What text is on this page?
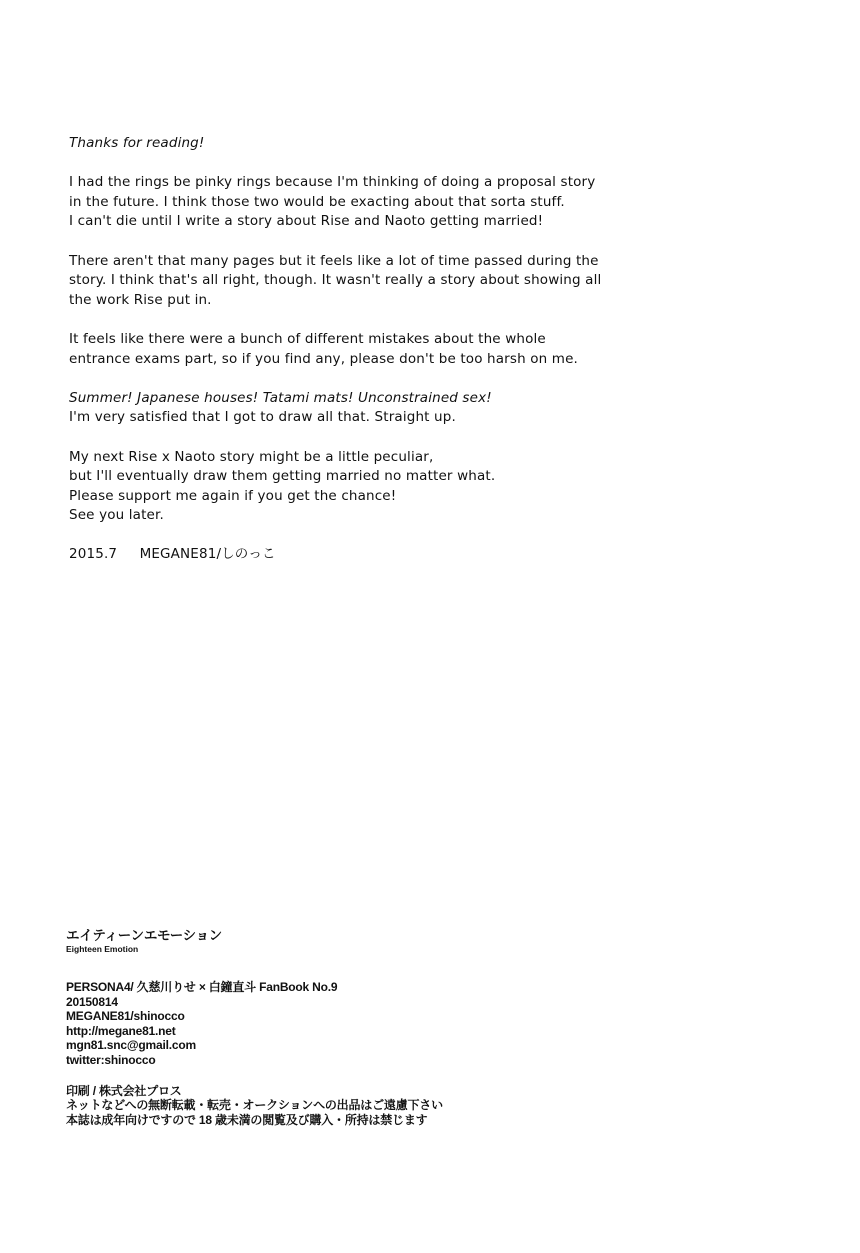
Thanks for reading!
I had the rings be pinky rings because I'm thinking of doing a proposal story
in the future. I think those two would be exacting about that sorta stuff.
I can't die until I write a story about Rise and Naoto getting married!
There aren't that many pages but it feels like a lot of time passed during the
story. I think that's all right, though. It wasn't really a story about showing all
the work Rise put in.
It feels like there were a bunch of different mistakes about the whole
entrance exams part, so if you find any, please don't be too harsh on me.
Summer! Japanese houses! Tatami mats! Unconstrained sex!
I'm very satisfied that I got to draw all that. Straight up.
My next Rise x Naoto story might be a little peculiar,
but I'll eventually draw them getting married no matter what.
Please support me again if you get the chance!
See you later.
2015.7 MEGANE81/しのっこ
エイティーンエモーション
Eighteen Emotion
PERSONA4/ 久慈川りせ × 白鐘直斗 FanBook No.9
20150814
MEGANE81/shinocco
http://megane81.net
mgn81.snc@gmail.com
twitter:shinocco
印刷 / 株式会社プロス
ネットなどへの無断転載・転売・オークションへの出品はご遠慮下さい
本誌は成年向けですので 18 歳未満の閲覧及び購入・所持は禁じます
